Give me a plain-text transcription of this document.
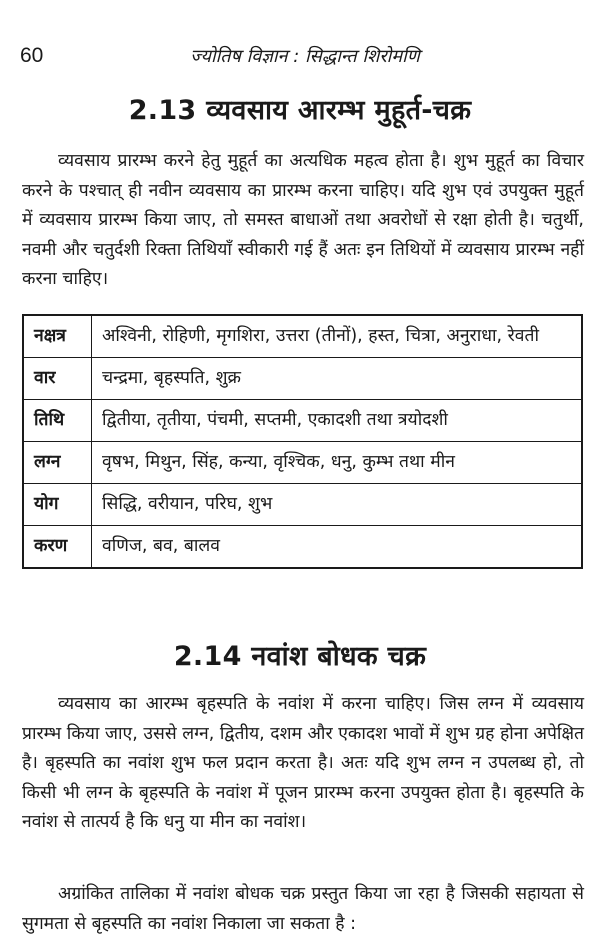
60	ज्योतिष विज्ञान : सिद्धान्त शिरोमणि
2.13 व्यवसाय आरम्भ मुहूर्त-चक्र

व्यवसाय प्रारम्भ करने हेतु मुहूर्त का अत्यधिक महत्व होता है। शुभ मुहूर्त का विचार करने के पश्चात् ही नवीन व्यवसाय का प्रारम्भ करना चाहिए। यदि शुभ एवं उपयुक्त मुहूर्त में व्यवसाय प्रारम्भ किया जाए, तो समस्त बाधाओं तथा अवरोधों से रक्षा होती है। चतुर्थी, नवमी और चतुर्दशी रिक्ता तिथियाँ स्वीकारी गई हैं अतः इन तिथियों में व्यवसाय प्रारम्भ नहीं करना चाहिए।

नक्षत्र	अश्विनी, रोहिणी, मृगशिरा, उत्तरा (तीनों), हस्त, चित्रा, अनुराधा, रेवती
वार	चन्द्रमा, बृहस्पति, शुक्र
तिथि	द्वितीया, तृतीया, पंचमी, सप्तमी, एकादशी तथा त्रयोदशी
लग्न	वृषभ, मिथुन, सिंह, कन्या, वृश्चिक, धनु, कुम्भ तथा मीन
योग	सिद्धि, वरीयान, परिघ, शुभ
करण	वणिज, बव, बालव
2.14 नवांश बोधक चक्र

व्यवसाय का आरम्भ बृहस्पति के नवांश में करना चाहिए। जिस लग्न में व्यवसाय प्रारम्भ किया जाए, उससे लग्न, द्वितीय, दशम और एकादश भावों में शुभ ग्रह होना अपेक्षित है। बृहस्पति का नवांश शुभ फल प्रदान करता है। अतः यदि शुभ लग्न न उपलब्ध हो, तो किसी भी लग्न के बृहस्पति के नवांश में पूजन प्रारम्भ करना उपयुक्त होता है। बृहस्पति के नवांश से तात्पर्य है कि धनु या मीन का नवांश।

अग्रांकित तालिका में नवांश बोधक चक्र प्रस्तुत किया जा रहा है जिसकी सहायता से सुगमता से बृहस्पति का नवांश निकाला जा सकता है :
